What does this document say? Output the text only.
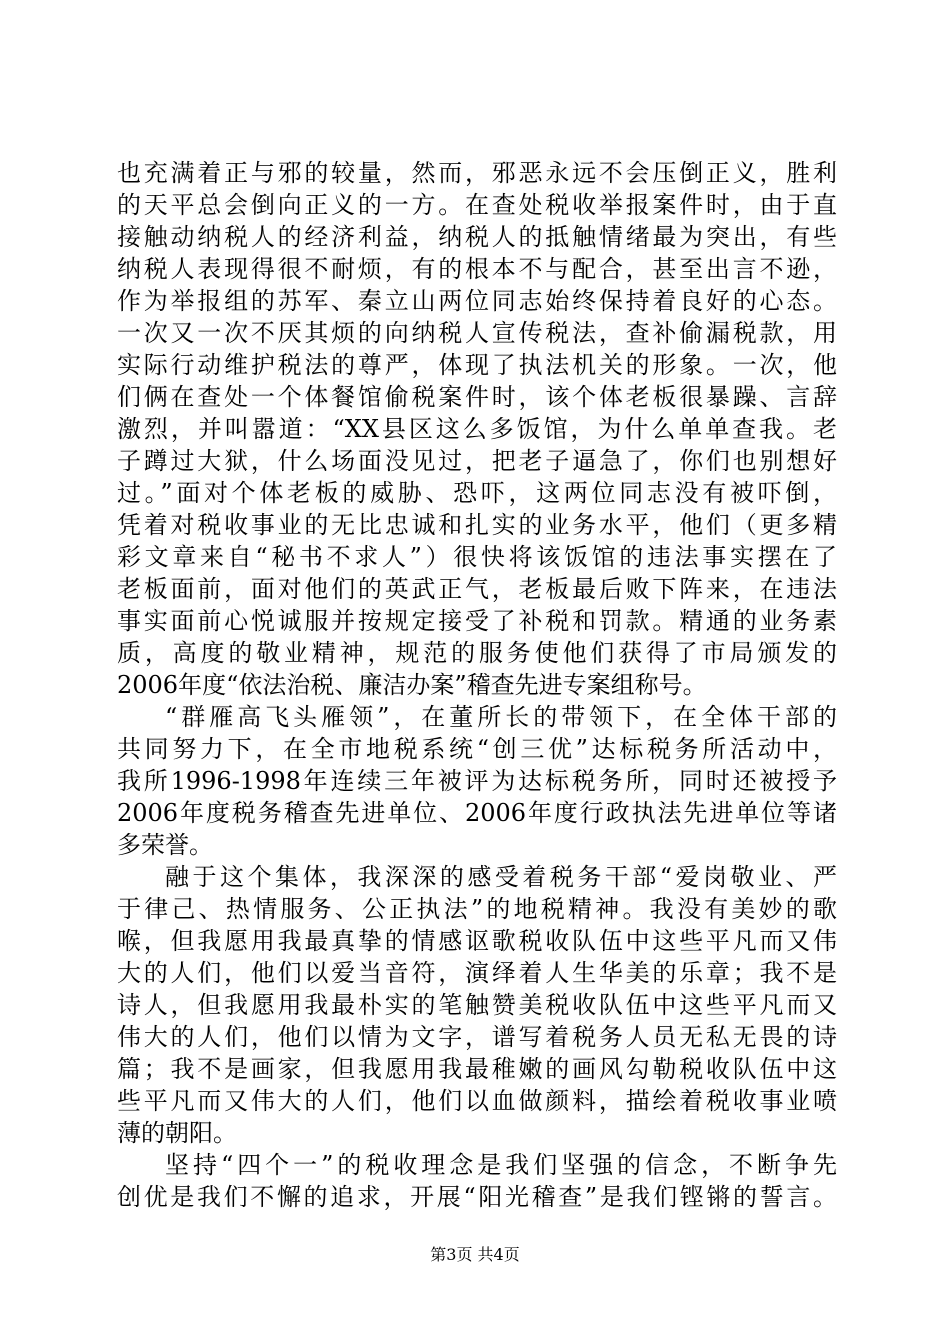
也充满着正与邪的较量，然而，邪恶永远不会压倒正义，胜利
的天平总会倒向正义的一方。在查处税收举报案件时，由于直
接触动纳税人的经济利益，纳税人的抵触情绪最为突出，有些
纳税人表现得很不耐烦，有的根本不与配合，甚至出言不逊，
作为举报组的苏军、秦立山两位同志始终保持着良好的心态。
一次又一次不厌其烦的向纳税人宣传税法，查补偷漏税款，用
实际行动维护税法的尊严，体现了执法机关的形象。一次，他
们俩在查处一个体餐馆偷税案件时，该个体老板很暴躁、言辞
激烈，并叫嚣道：“XX县区这么多饭馆，为什么单单查我。老
子蹲过大狱，什么场面没见过，把老子逼急了，你们也别想好
过。”面对个体老板的威胁、恐吓，这两位同志没有被吓倒，
凭着对税收事业的无比忠诚和扎实的业务水平，他们（更多精
彩文章来自“秘书不求人”）很快将该饭馆的违法事实摆在了
老板面前，面对他们的英武正气，老板最后败下阵来，在违法
事实面前心悦诚服并按规定接受了补税和罚款。精通的业务素
质，高度的敬业精神，规范的服务使他们获得了市局颁发的
2006年度“依法治税、廉洁办案”稽查先进专案组称号。
“群雁高飞头雁领”，在董所长的带领下，在全体干部的
共同努力下，在全市地税系统“创三优”达标税务所活动中，
我所1996-1998年连续三年被评为达标税务所，同时还被授予
2006年度税务稽查先进单位、2006年度行政执法先进单位等诸
多荣誉。
融于这个集体，我深深的感受着税务干部“爱岗敬业、严
于律己、热情服务、公正执法”的地税精神。我没有美妙的歌
喉，但我愿用我最真挚的情感讴歌税收队伍中这些平凡而又伟
大的人们，他们以爱当音符，演绎着人生华美的乐章；我不是
诗人，但我愿用我最朴实的笔触赞美税收队伍中这些平凡而又
伟大的人们，他们以情为文字，谱写着税务人员无私无畏的诗
篇；我不是画家，但我愿用我最稚嫩的画风勾勒税收队伍中这
些平凡而又伟大的人们，他们以血做颜料，描绘着税收事业喷
薄的朝阳。
坚持“四个一”的税收理念是我们坚强的信念，不断争先
创优是我们不懈的追求，开展“阳光稽查”是我们铿锵的誓言。
第3页 共4页
